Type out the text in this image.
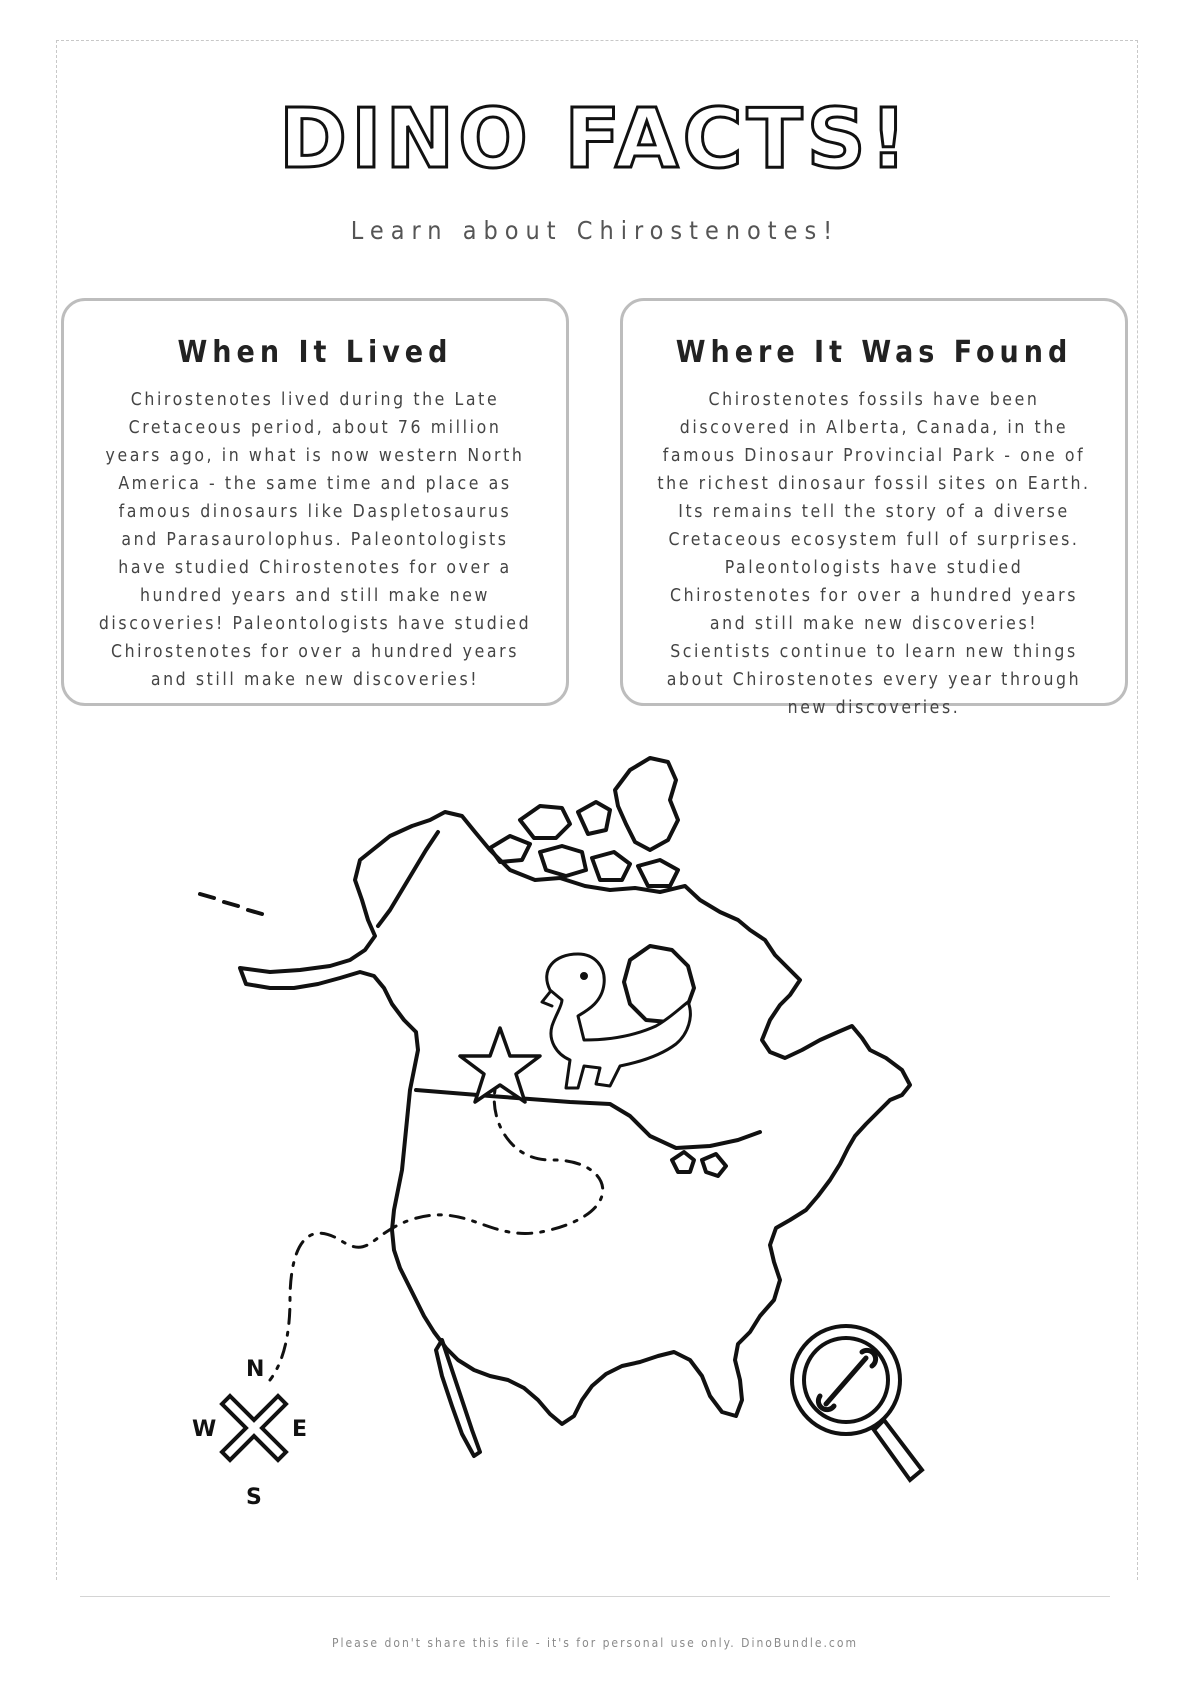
DINO FACTS!
Learn about Chirostenotes!
When It Lived

Chirostenotes lived during the Late Cretaceous period, about 76 million years ago, in what is now western North America - the same time and place as famous dinosaurs like Daspletosaurus and Parasaurolophus. Paleontologists have studied Chirostenotes for over a hundred years and still make new discoveries! Paleontologists have studied Chirostenotes for over a hundred years and still make new discoveries!

Where It Was Found

Chirostenotes fossils have been discovered in Alberta, Canada, in the famous Dinosaur Provincial Park - one of the richest dinosaur fossil sites on Earth. Its remains tell the story of a diverse Cretaceous ecosystem full of surprises. Paleontologists have studied Chirostenotes for over a hundred years and still make new discoveries! Scientists continue to learn new things about Chirostenotes every year through new discoveries.

N
S
E
W
Please don't share this file - it's for personal use only. DinoBundle.com
